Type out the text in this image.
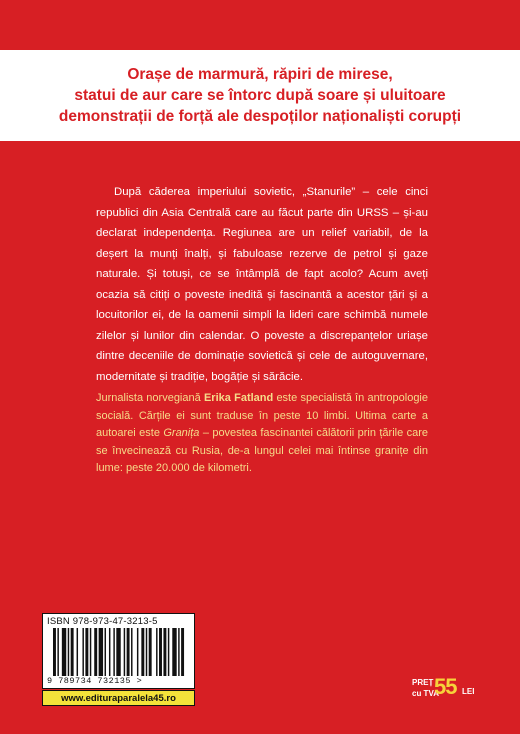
Orașe de marmură, răpiri de mirese,
statui de aur care se întorc după soare și uluitoare
demonstrații de forță ale despoților naționaliști corupți

După căderea imperiului sovietic, „Stanurile” – cele cinci republici din Asia Centrală care au făcut parte din URSS – și-au declarat independența. Regiunea are un relief variabil, de la deșert la munți înalți, și fabuloase rezerve de petrol și gaze naturale. Și totuși, ce se întâmplă de fapt acolo? Acum aveți ocazia să citiți o poveste inedită și fascinantă a acestor țări și a locuitorilor ei, de la oamenii simpli la lideri care schimbă numele zilelor și lunilor din calendar. O poveste a discrepanțelor uriașe dintre deceniile de dominație sovietică și cele de autoguvernare, modernitate și tradiție, bogăție și sărăcie.

Jurnalista norvegiană Erika Fatland este specialistă în antropologie socială. Cărțile ei sunt traduse în peste 10 limbi. Ultima carte a autoarei este Granița – povestea fascinantei călătorii prin țările care se învecinează cu Rusia, de-a lungul celei mai întinse granițe din lume: peste 20.000 de kilometri.

ISBN 978-973-47-3213-5
9 789734 732135 >
www.edituraparalela45.ro
PREȚ
cu TVA
55 LEI
